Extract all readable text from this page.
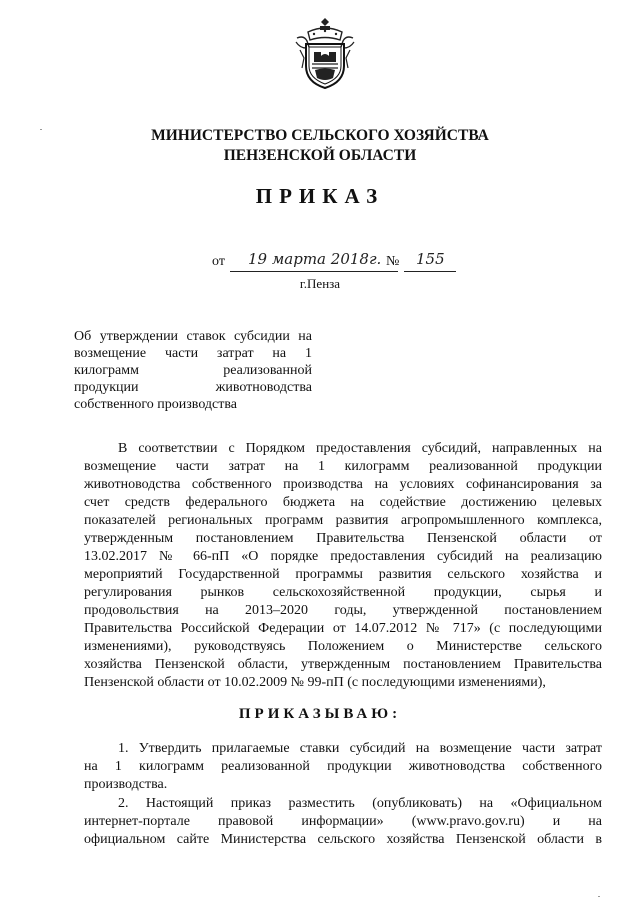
МИНИСТЕРСТВО СЕЛЬСКОГО ХОЗЯЙСТВА
ПЕНЗЕНСКОЙ ОБЛАСТИ
ПРИКАЗ
от 19 марта 2018г. № 155
г.Пенза
Об утверждении ставок субсидии на
возмещение части затрат на 1
килограмм реализованной
продукции животноводства
собственного производства
В соответствии с Порядком предоставления субсидий, направленных на
возмещение части затрат на 1 килограмм реализованной продукции
животноводства собственного производства на условиях софинансирования за
счет средств федерального бюджета на содействие достижению целевых
показателей региональных программ развития агропромышленного комплекса,
утвержденным постановлением Правительства Пензенской области от
13.02.2017 № 66-пП «О порядке предоставления субсидий на реализацию
мероприятий Государственной программы развития сельского хозяйства и
регулирования рынков сельскохозяйственной продукции, сырья и
продовольствия на 2013–2020 годы, утвержденной постановлением
Правительства Российской Федерации от 14.07.2012 № 717» (с последующими
изменениями), руководствуясь Положением о Министерстве сельского
хозяйства Пензенской области, утвержденным постановлением Правительства
Пензенской области от 10.02.2009 № 99-пП (с последующими изменениями),
ПРИКАЗЫВАЮ:
1. Утвердить прилагаемые ставки субсидий на возмещение части затрат
на 1 килограмм реализованной продукции животноводства собственного
производства.
2. Настоящий приказ разместить (опубликовать) на «Официальном
интернет-портале правовой информации» (www.pravo.gov.ru) и на
официальном сайте Министерства сельского хозяйства Пензенской области в
